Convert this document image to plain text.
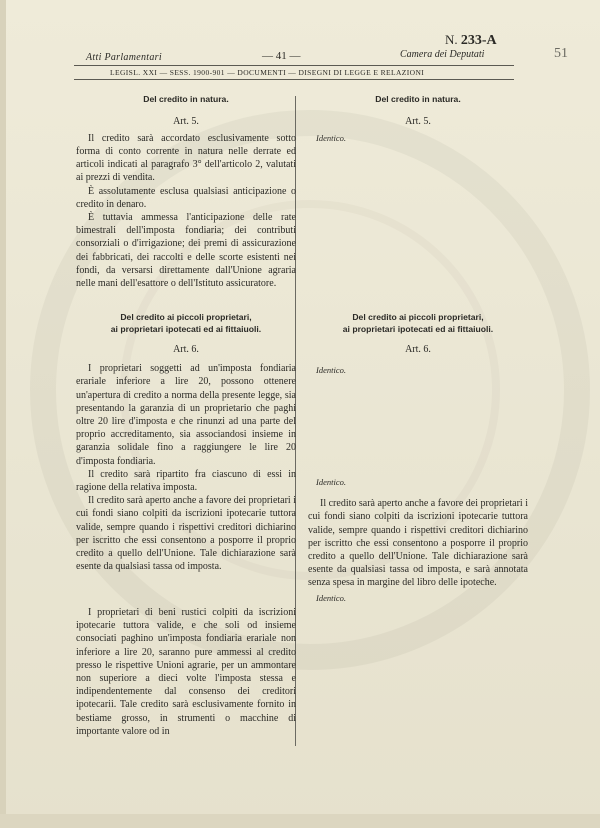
Atti Parlamentari	— 41 —	Camera dei Deputati
N. 233-A
51
LEGISL. XXI — SESS. 1900-901 — DOCUMENTI — DISEGNI DI LEGGE E RELAZIONI
Del credito in natura.
Art. 5.

Il credito sarà accordato esclusivamente sotto forma di conto corrente in natura nelle derrate ed articoli indicati al paragrafo 3° dell'articolo 2, valutati ai prezzi di vendita.

È assolutamente esclusa qualsiasi anticipazione o credito in denaro.

È tuttavia ammessa l'anticipazione delle rate bimestrali dell'imposta fondiaria; dei contributi consorziali o d'irrigazione; dei premi di assicurazione dei fabbricati, dei raccolti e delle scorte esistenti nei fondi, da versarsi direttamente dall'Unione agraria nelle mani dell'esattore o dell'Istituto assicuratore.

Del credito ai piccoli proprietari,
ai proprietari ipotecati ed ai fittaiuoli.
Art. 6.

I proprietari soggetti ad un'imposta fondiaria erariale inferiore a lire 20, possono ottenere un'apertura di credito a norma della presente legge, sia presentando la garanzia di un proprietario che paghi oltre 20 lire d'imposta e che rinunzi ad una parte del proprio accreditamento, sia associandosi insieme in garanzia solidale fino a raggiungere le lire 20 d'imposta fondiaria.

Il credito sarà ripartito fra ciascuno di essi in ragione della relativa imposta.

Il credito sarà aperto anche a favore dei proprietari i cui fondi siano colpiti da iscrizioni ipotecarie tuttora valide, sempre quando i rispettivi creditori dichiarino per iscritto che essi consentono a posporre il proprio credito a quello dell'Unione. Tale dichiarazione sarà esente da qualsiasi tassa od imposta.

I proprietari di beni rustici colpiti da iscrizioni ipotecarie tuttora valide, e che soli od insieme consociati paghino un'imposta fondiaria erariale non inferiore a lire 20, saranno pure ammessi al credito presso le rispettive Unioni agrarie, per un ammontare non superiore a dieci volte l'imposta stessa e indipendentemente dal consenso dei creditori ipotecarii. Tale credito sarà esclusivamente fornito in bestiame grosso, in strumenti o macchine di importante valore od in

Del credito in natura.
Art. 5.
Identico.
Del credito ai piccoli proprietari,
ai proprietari ipotecati ed ai fittaiuoli.
Art. 6.
Identico.
Identico.

Il credito sarà aperto anche a favore dei proprietari i cui fondi siano colpiti da iscrizioni ipotecarie tuttora valide, sempre quando i rispettivi creditori dichiarino per iscritto che essi consentono a posporre il proprio credito a quello dell'Unione. Tale dichiarazione sarà esente da qualsiasi tassa od imposta, e sarà annotata senza spesa in margine del libro delle ipoteche.

Identico.
